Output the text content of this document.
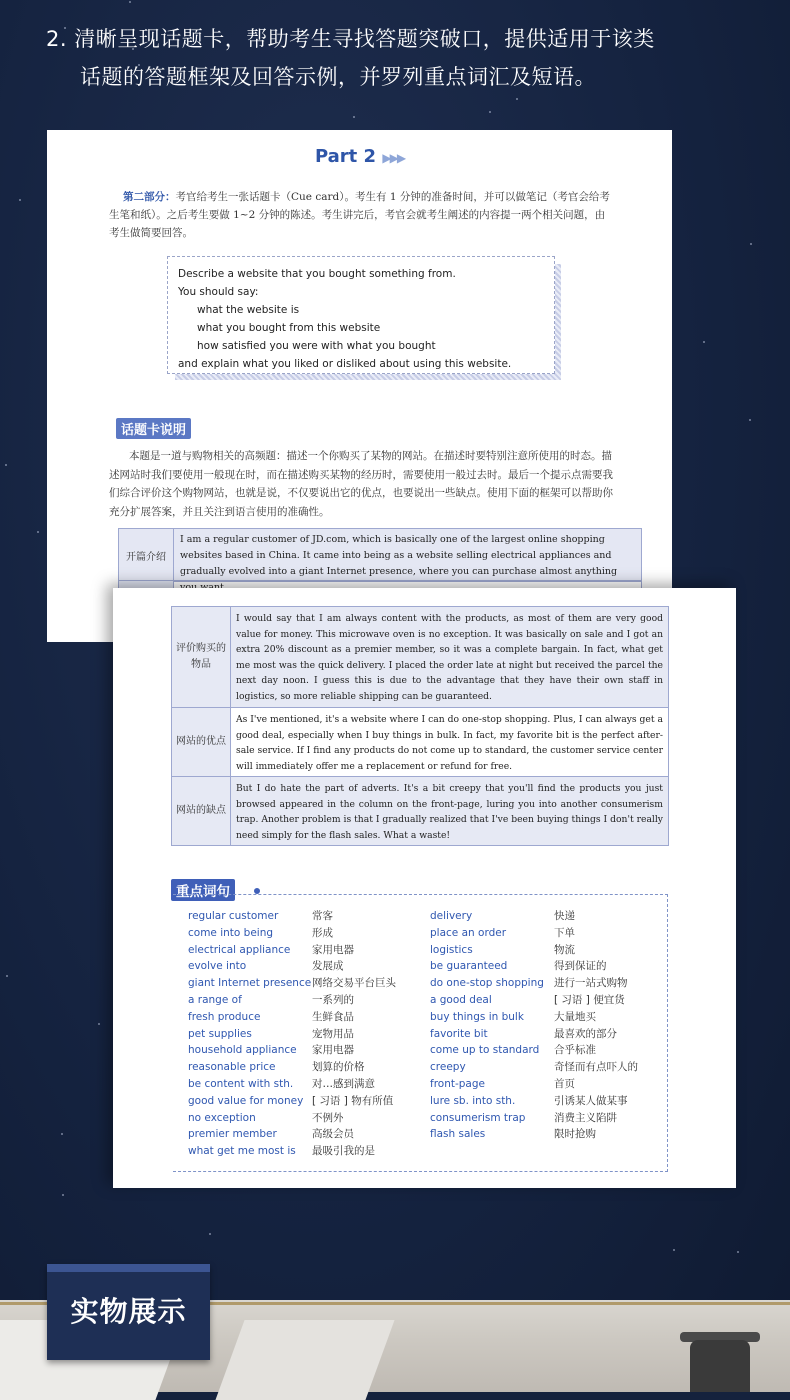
2. 清晰呈现话题卡，帮助考生寻找答题突破口，提供适用于该类
话题的答题框架及回答示例，并罗列重点词汇及短语。
Part 2 ▶▶▶
第二部分：考官给考生一张话题卡（Cue card）。考生有 1 分钟的准备时间，并可以做笔记（考官会给考生笔和纸）。之后考生要做 1~2 分钟的陈述。考生讲完后，考官会就考生阐述的内容提一两个相关问题，由考生做简要回答。
Describe a website that you bought something from.
You should say:
what the website is
what you bought from this website
how satisfied you were with what you bought
and explain what you liked or disliked about using this website.
话题卡说明
本题是一道与购物相关的高频题：描述一个你购买了某物的网站。在描述时要特别注意所使用的时态。描述网站时我们要使用一般现在时，而在描述购买某物的经历时，需要使用一般过去时。最后一个提示点需要我们综合评价这个购物网站，也就是说，不仅要说出它的优点，也要说出一些缺点。使用下面的框架可以帮助你充分扩展答案，并且关注到语言使用的准确性。
开篇介绍
I am a regular customer of JD.com, which is basically one of the largest online shopping websites based in China. It came into being as a website selling electrical appliances and gradually evolved into a giant Internet presence, where you can purchase almost anything
评价购买的物品
I would say that I am always content with the products, as most of them are very good value for money. This microwave oven is no exception. It was basically on sale and I got an extra 20% discount as a premier member, so it was a complete bargain. In fact, what get me most was the quick delivery. I placed the order late at night but received the parcel the next day noon. I guess this is due to the advantage that they have their own staff in logistics, so more reliable shipping can be guaranteed.
网站的优点
As I've mentioned, it's a website where I can do one-stop shopping. Plus, I can always get a good deal, especially when I buy things in bulk. In fact, my favorite bit is the perfect after-sale service. If I find any products do not come up to standard, the customer service center will immediately offer me a replacement or refund for free.
网站的缺点
But I do hate the part of adverts. It's a bit creepy that you'll find the products you just browsed appeared in the column on the front-page, luring you into another consumerism trap. Another problem is that I gradually realized that I've been buying things I don't really need simply for the flash sales. What a waste!
重点词句
regular customer
come into being
electrical appliance
evolve into
giant Internet presence
a range of
fresh produce
pet supplies
household appliance
reasonable price
be content with sth.
good value for money
no exception
premier member
what get me most is
常客
形成
家用电器
发展成
网络交易平台巨头
一系列的
生鲜食品
宠物用品
家用电器
划算的价格
对…感到满意
[ 习语 ] 物有所值
不例外
高级会员
最吸引我的是
delivery
place an order
logistics
be guaranteed
do one-stop shopping
a good deal
buy things in bulk
favorite bit
come up to standard
creepy
front-page
lure sb. into sth.
consumerism trap
flash sales
快递
下单
物流
得到保证的
进行一站式购物
[ 习语 ] 便宜货
大量地买
最喜欢的部分
合乎标准
奇怪而有点吓人的
首页
引诱某人做某事
消费主义陷阱
限时抢购
实物展示
